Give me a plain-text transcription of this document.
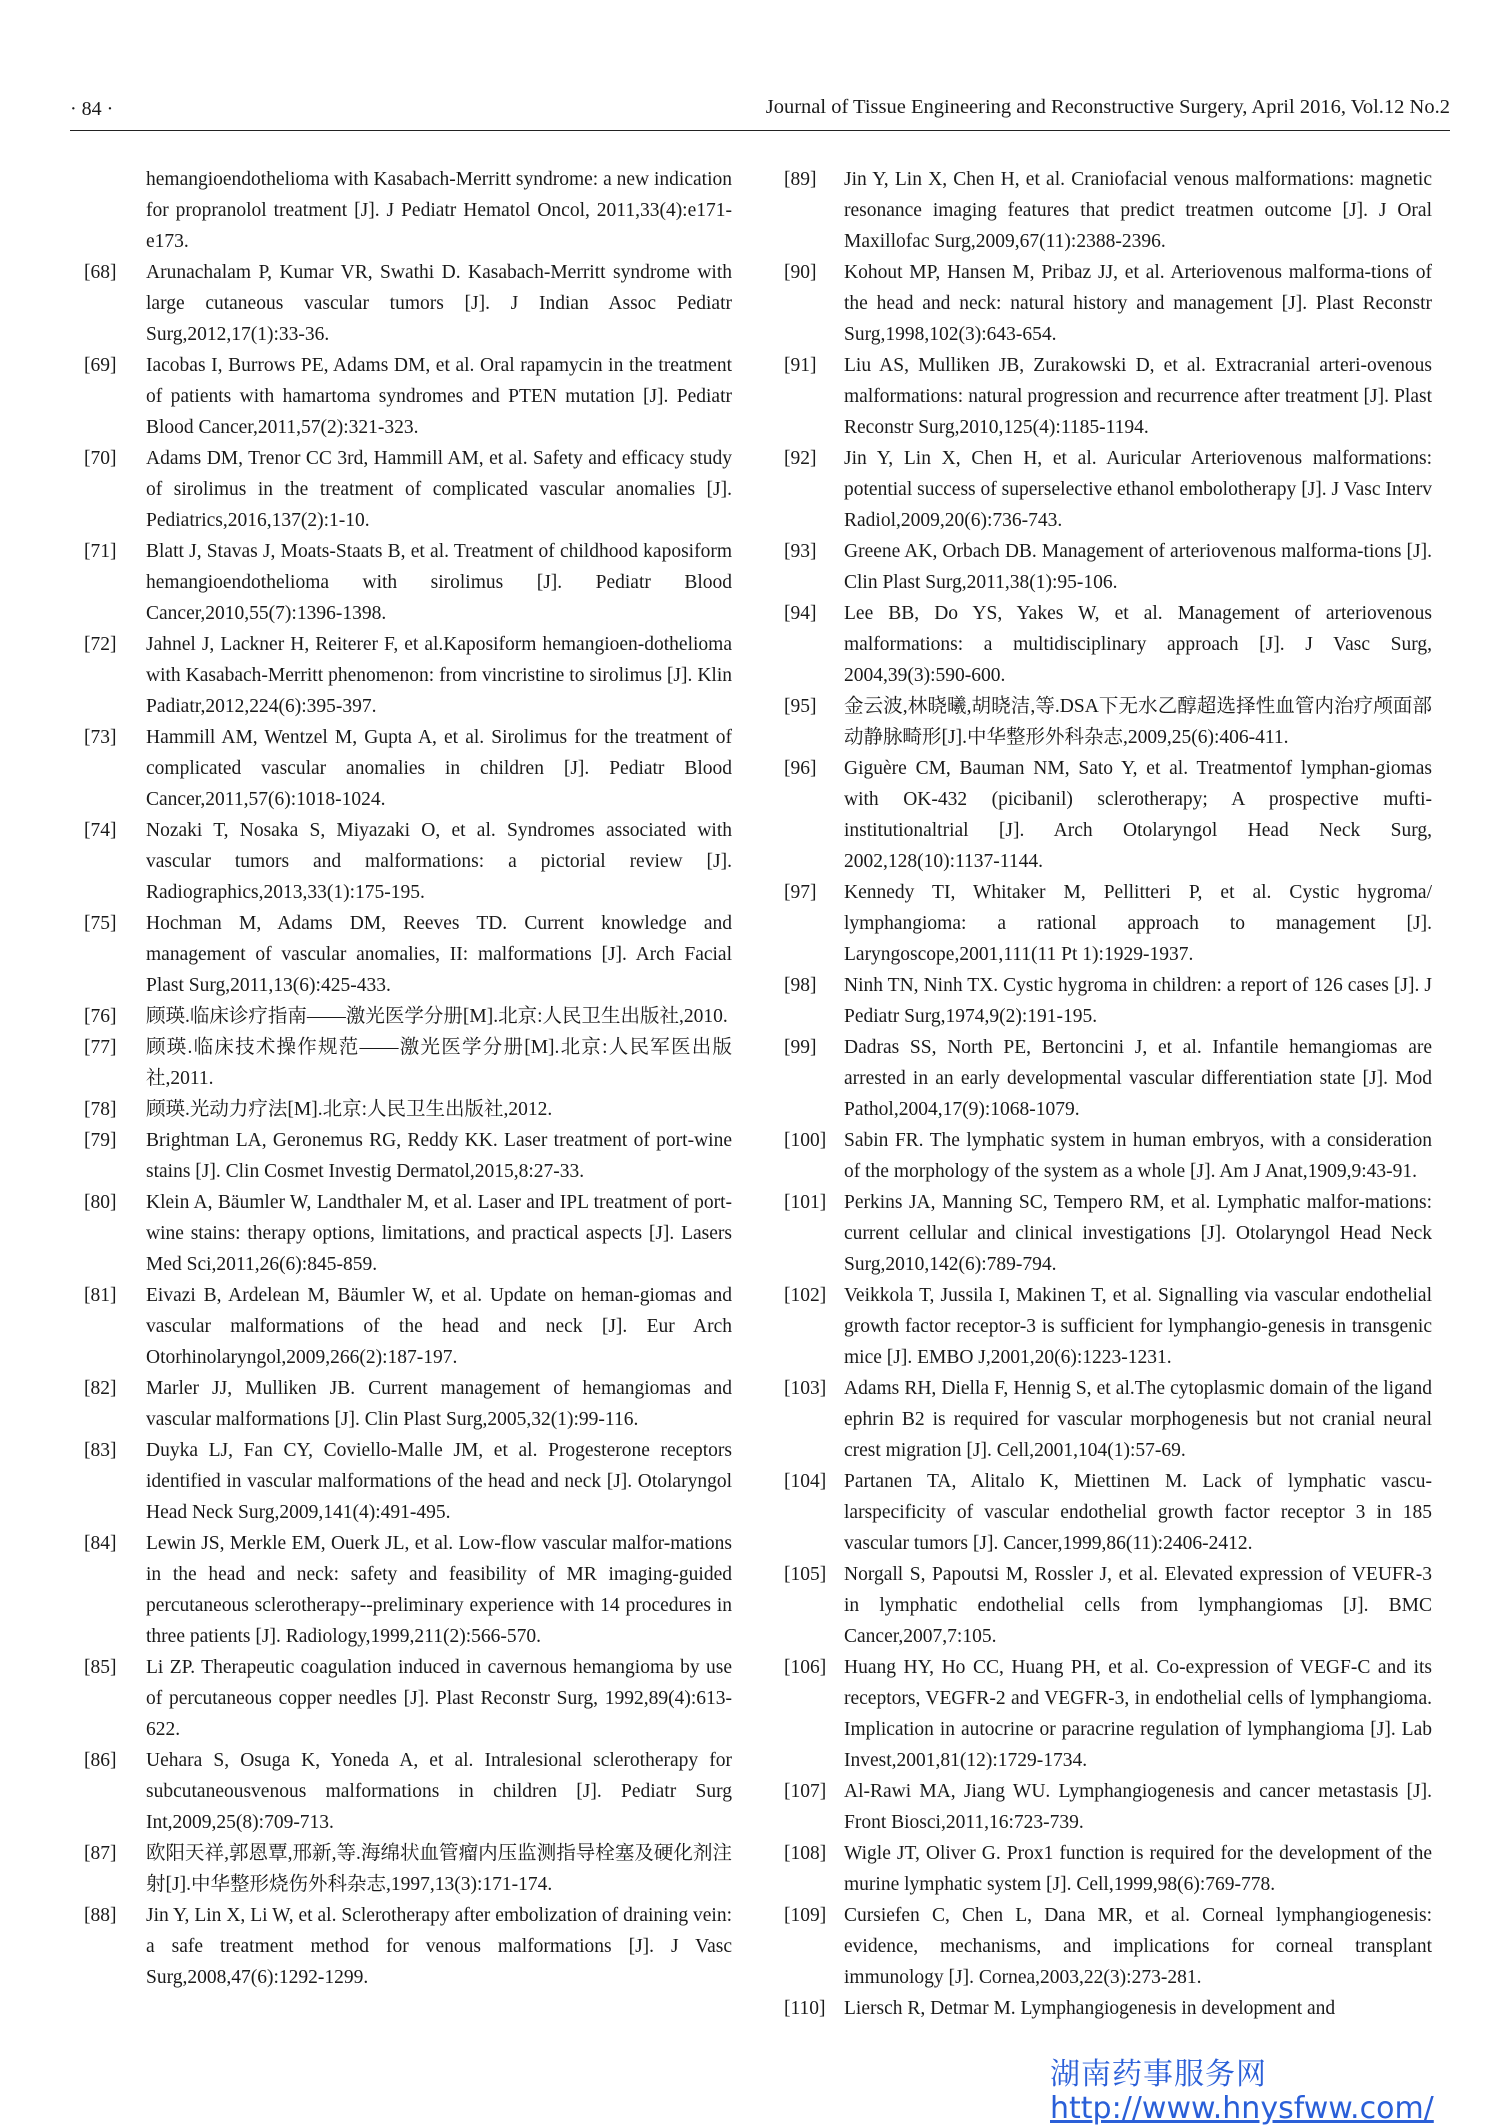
· 84 ·	Journal of Tissue Engineering and Reconstructive Surgery, April 2016, Vol.12 No.2
hemangioendothelioma with Kasabach-Merritt syndrome: a new indication for propranolol treatment [J]. J Pediatr Hematol Oncol, 2011,33(4):e171-e173.
[68] Arunachalam P, Kumar VR, Swathi D. Kasabach-Merritt syndrome with large cutaneous vascular tumors [J]. J Indian Assoc Pediatr Surg,2012,17(1):33-36.
[69] Iacobas I, Burrows PE, Adams DM, et al. Oral rapamycin in the treatment of patients with hamartoma syndromes and PTEN mutation [J]. Pediatr Blood Cancer,2011,57(2):321-323.
[70] Adams DM, Trenor CC 3rd, Hammill AM, et al. Safety and efficacy study of sirolimus in the treatment of complicated vascular anomalies [J]. Pediatrics,2016,137(2):1-10.
[71] Blatt J, Stavas J, Moats-Staats B, et al. Treatment of childhood kaposiform hemangioendothelioma with sirolimus [J]. Pediatr Blood Cancer,2010,55(7):1396-1398.
[72] Jahnel J, Lackner H, Reiterer F, et al.Kaposiform hemangioen-dothelioma with Kasabach-Merritt phenomenon: from vincristine to sirolimus [J]. Klin Padiatr,2012,224(6):395-397.
[73] Hammill AM, Wentzel M, Gupta A, et al. Sirolimus for the treatment of complicated vascular anomalies in children [J]. Pediatr Blood Cancer,2011,57(6):1018-1024.
[74] Nozaki T, Nosaka S, Miyazaki O, et al. Syndromes associated with vascular tumors and malformations: a pictorial review [J]. Radiographics,2013,33(1):175-195.
[75] Hochman M, Adams DM, Reeves TD. Current knowledge and management of vascular anomalies, II: malformations [J]. Arch Facial Plast Surg,2011,13(6):425-433.
[76] 顾瑛.临床诊疗指南——激光医学分册[M].北京:人民卫生出版社,2010.
[77] 顾瑛.临床技术操作规范——激光医学分册[M].北京:人民军医出版社,2011.
[78] 顾瑛.光动力疗法[M].北京:人民卫生出版社,2012.
[79] Brightman LA, Geronemus RG, Reddy KK. Laser treatment of port-wine stains [J]. Clin Cosmet Investig Dermatol,2015,8:27-33.
[80] Klein A, Bäumler W, Landthaler M, et al. Laser and IPL treatment of port-wine stains: therapy options, limitations, and practical aspects [J]. Lasers Med Sci,2011,26(6):845-859.
[81] Eivazi B, Ardelean M, Bäumler W, et al. Update on heman-giomas and vascular malformations of the head and neck [J]. Eur Arch Otorhinolaryngol,2009,266(2):187-197.
[82] Marler JJ, Mulliken JB. Current management of hemangiomas and vascular malformations [J]. Clin Plast Surg,2005,32(1):99-116.
[83] Duyka LJ, Fan CY, Coviello-Malle JM, et al. Progesterone receptors identified in vascular malformations of the head and neck [J]. Otolaryngol Head Neck Surg,2009,141(4):491-495.
[84] Lewin JS, Merkle EM, Ouerk JL, et al. Low-flow vascular malfor-mations in the head and neck: safety and feasibility of MR imaging-guided percutaneous sclerotherapy--preliminary experience with 14 procedures in three patients [J]. Radiology,1999,211(2):566-570.
[85] Li ZP. Therapeutic coagulation induced in cavernous hemangioma by use of percutaneous copper needles [J]. Plast Reconstr Surg, 1992,89(4):613-622.
[86] Uehara S, Osuga K, Yoneda A, et al. Intralesional sclerotherapy for subcutaneousvenous malformations in children [J]. Pediatr Surg Int,2009,25(8):709-713.
[87] 欧阳天祥,郭恩覃,邢新,等.海绵状血管瘤内压监测指导栓塞及硬化剂注射[J].中华整形烧伤外科杂志,1997,13(3):171-174.
[88] Jin Y, Lin X, Li W, et al. Sclerotherapy after embolization of draining vein: a safe treatment method for venous malformations [J]. J Vasc Surg,2008,47(6):1292-1299.
[89] Jin Y, Lin X, Chen H, et al. Craniofacial venous malformations: magnetic resonance imaging features that predict treatmen outcome [J]. J Oral Maxillofac Surg,2009,67(11):2388-2396.
[90] Kohout MP, Hansen M, Pribaz JJ, et al. Arteriovenous malforma-tions of the head and neck: natural history and management [J]. Plast Reconstr Surg,1998,102(3):643-654.
[91] Liu AS, Mulliken JB, Zurakowski D, et al. Extracranial arteri-ovenous malformations: natural progression and recurrence after treatment [J]. Plast Reconstr Surg,2010,125(4):1185-1194.
[92] Jin Y, Lin X, Chen H, et al. Auricular Arteriovenous malformations: potential success of superselective ethanol embolotherapy [J]. J Vasc Interv Radiol,2009,20(6):736-743.
[93] Greene AK, Orbach DB. Management of arteriovenous malforma-tions [J]. Clin Plast Surg,2011,38(1):95-106.
[94] Lee BB, Do YS, Yakes W, et al. Management of arteriovenous malformations: a multidisciplinary approach [J]. J Vasc Surg, 2004,39(3):590-600.
[95] 金云波,林晓曦,胡晓洁,等.DSA下无水乙醇超选择性血管内治疗颅面部动静脉畸形[J].中华整形外科杂志,2009,25(6):406-411.
[96] Giguère CM, Bauman NM, Sato Y, et al. Treatmentof lymphan-giomas with OK-432 (picibanil) sclerotherapy; A prospective mufti-institutionaltrial [J]. Arch Otolaryngol Head Neck Surg, 2002,128(10):1137-1144.
[97] Kennedy TI, Whitaker M, Pellitteri P, et al. Cystic hygroma/ lymphangioma: a rational approach to management [J]. Laryngoscope,2001,111(11 Pt 1):1929-1937.
[98] Ninh TN, Ninh TX. Cystic hygroma in children: a report of 126 cases [J]. J Pediatr Surg,1974,9(2):191-195.
[99] Dadras SS, North PE, Bertoncini J, et al. Infantile hemangiomas are arrested in an early developmental vascular differentiation state [J]. Mod Pathol,2004,17(9):1068-1079.
[100] Sabin FR. The lymphatic system in human embryos, with a consideration of the morphology of the system as a whole [J]. Am J Anat,1909,9:43-91.
[101] Perkins JA, Manning SC, Tempero RM, et al. Lymphatic malfor-mations: current cellular and clinical investigations [J]. Otolaryngol Head Neck Surg,2010,142(6):789-794.
[102] Veikkola T, Jussila I, Makinen T, et al. Signalling via vascular endothelial growth factor receptor-3 is sufficient for lymphangio-genesis in transgenic mice [J]. EMBO J,2001,20(6):1223-1231.
[103] Adams RH, Diella F, Hennig S, et al.The cytoplasmic domain of the ligand ephrin B2 is required for vascular morphogenesis but not cranial neural crest migration [J]. Cell,2001,104(1):57-69.
[104] Partanen TA, Alitalo K, Miettinen M. Lack of lymphatic vascu-larspecificity of vascular endothelial growth factor receptor 3 in 185 vascular tumors [J]. Cancer,1999,86(11):2406-2412.
[105] Norgall S, Papoutsi M, Rossler J, et al. Elevated expression of VEUFR-3 in lymphatic endothelial cells from lymphangiomas [J]. BMC Cancer,2007,7:105.
[106] Huang HY, Ho CC, Huang PH, et al. Co-expression of VEGF-C and its receptors, VEGFR-2 and VEGFR-3, in endothelial cells of lymphangioma. Implication in autocrine or paracrine regulation of lymphangioma [J]. Lab Invest,2001,81(12):1729-1734.
[107] Al-Rawi MA, Jiang WU. Lymphangiogenesis and cancer metastasis [J]. Front Biosci,2011,16:723-739.
[108] Wigle JT, Oliver G. Prox1 function is required for the development of the murine lymphatic system [J]. Cell,1999,98(6):769-778.
[109] Cursiefen C, Chen L, Dana MR, et al. Corneal lymphangiogenesis: evidence, mechanisms, and implications for corneal transplant immunology [J]. Cornea,2003,22(3):273-281.
[110] Liersch R, Detmar M. Lymphangiogenesis in development and
湖南药事服务网
http://www.hnysfww.com/
